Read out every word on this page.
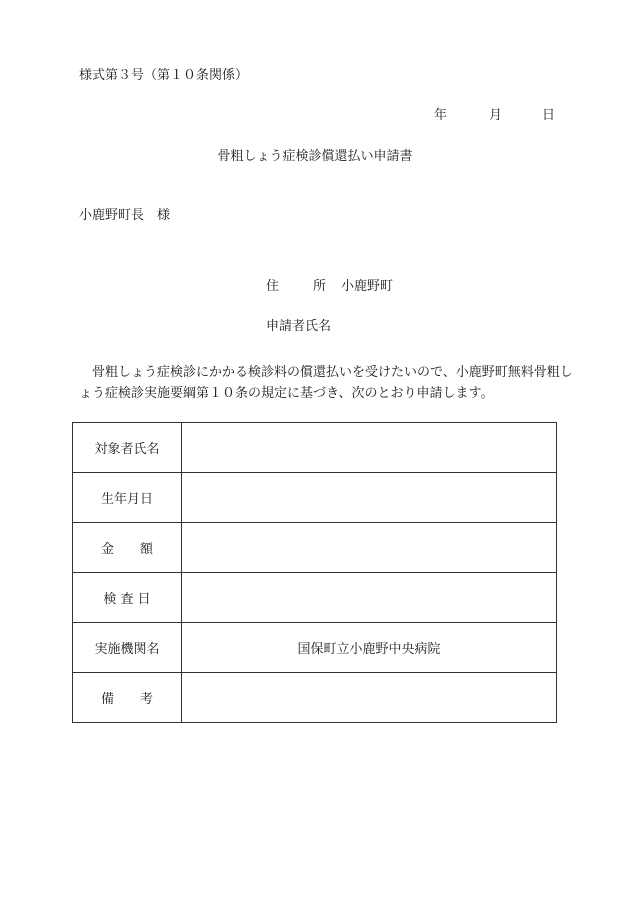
様式第３号（第１０条関係）
年	月	日
骨粗しょう症検診償還払い申請書
小鹿野町長　様
住	所 小鹿野町
申請者氏名
骨粗しょう症検診にかかる検診料の償還払いを受けたいので、小鹿野町無料骨粗しょう症検診実施要綱第１０条の規定に基づき、次のとおり申請します。
対象者氏名	
生年月日	
金　　額	
検 査 日	
実施機関名	国保町立小鹿野中央病院
備　　考	
